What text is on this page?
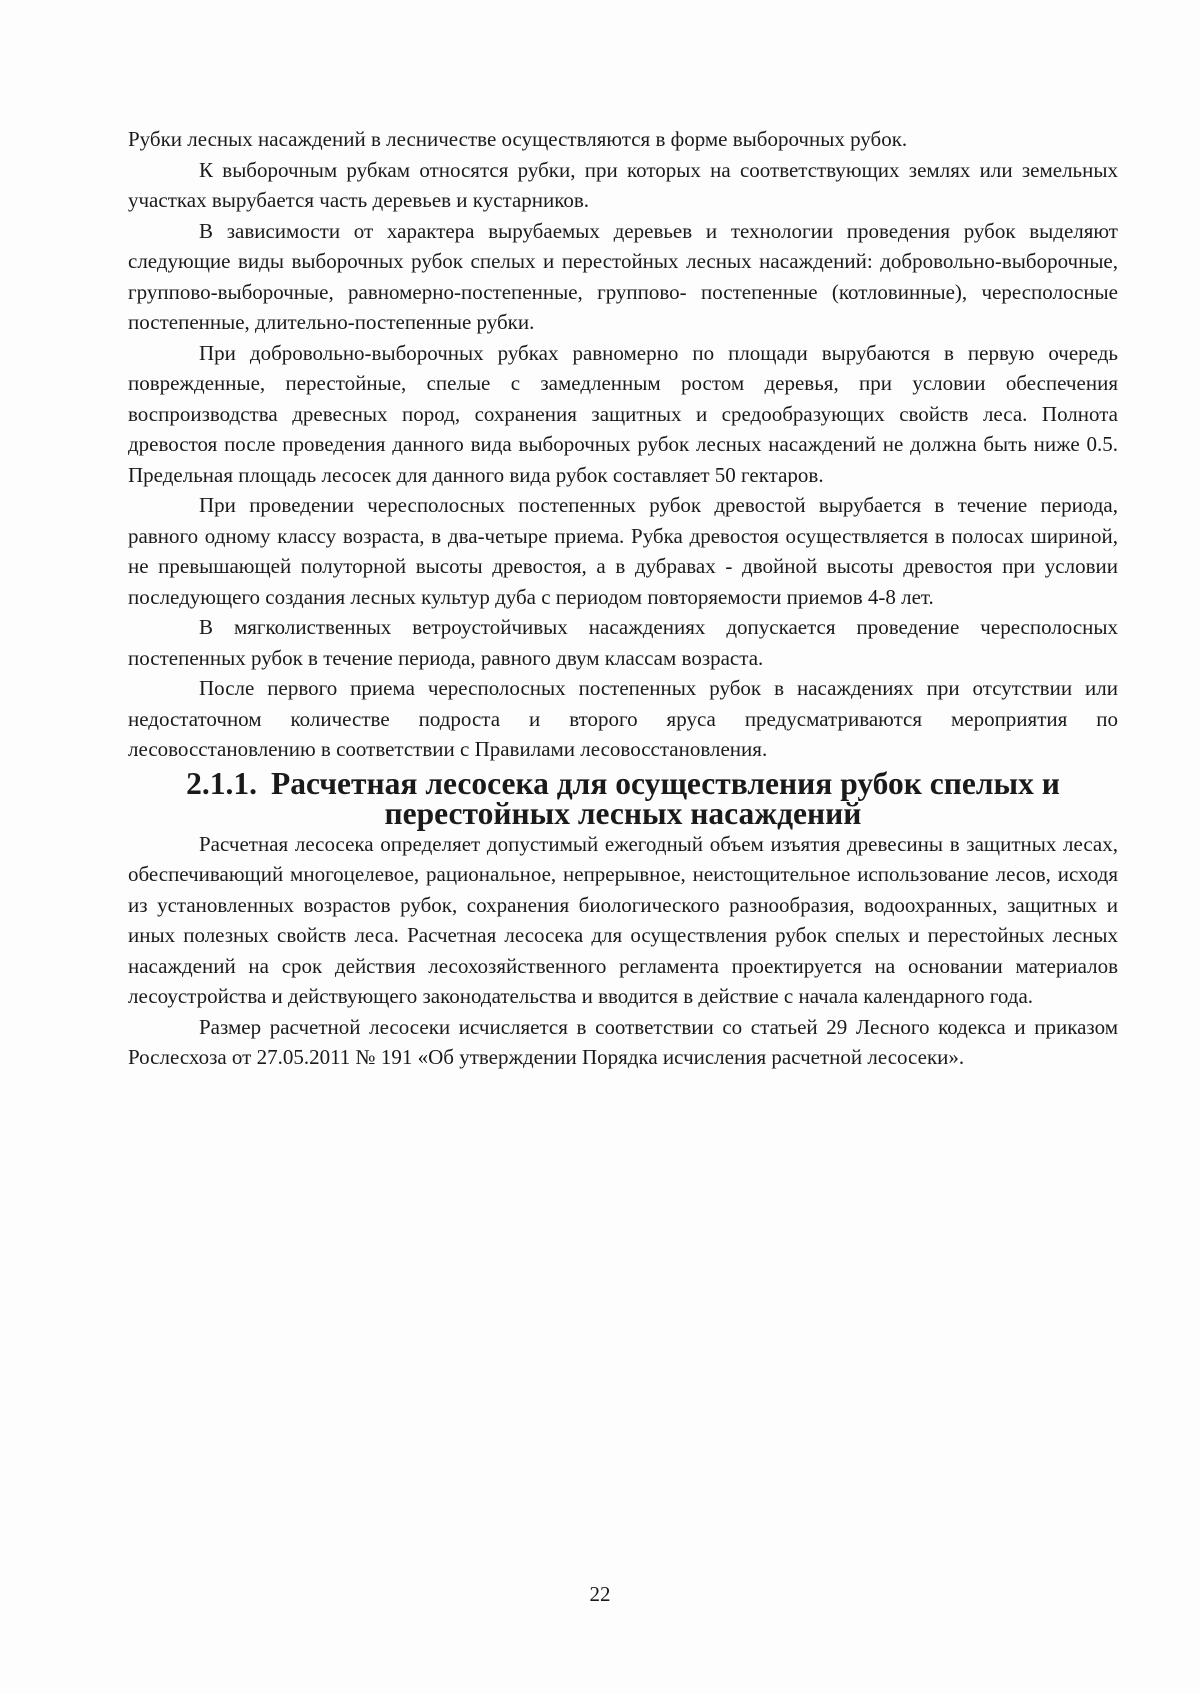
Рубки лесных насаждений в лесничестве осуществляются в форме выборочных рубок.

К выборочным рубкам относятся рубки, при которых на соответствующих землях или земельных участках вырубается часть деревьев и кустарников.

В зависимости от характера вырубаемых деревьев и технологии проведения рубок выделяют следующие виды выборочных рубок спелых и перестойных лесных насаждений: добровольно-выборочные, группово-выборочные, равномерно-постепенные, группово- постепенные (котловинные), чересполосные постепенные, длительно-постепенные рубки.

При добровольно-выборочных рубках равномерно по площади вырубаются в первую очередь поврежденные, перестойные, спелые с замедленным ростом деревья, при условии обеспечения воспроизводства древесных пород, сохранения защитных и средообразующих свойств леса. Полнота древостоя после проведения данного вида выборочных рубок лесных насаждений не должна быть ниже 0.5. Предельная площадь лесосек для данного вида рубок составляет 50 гектаров.

При проведении чересполосных постепенных рубок древостой вырубается в течение периода, равного одному классу возраста, в два-четыре приема. Рубка древостоя осуществляется в полосах шириной, не превышающей полуторной высоты древостоя, а в дубравах - двойной высоты древостоя при условии последующего создания лесных культур дуба с периодом повторяемости приемов 4-8 лет.

В мягколиственных ветроустойчивых насаждениях допускается проведение чересполосных постепенных рубок в течение периода, равного двум классам возраста.

После первого приема чересполосных постепенных рубок в насаждениях при отсутствии или недостаточном количестве подроста и второго яруса предусматриваются мероприятия по лесовосстановлению в соответствии с Правилами лесовосстановления.

2.1.1. Расчетная лесосека для осуществления рубок спелых и перестойных лесных насаждений

Расчетная лесосека определяет допустимый ежегодный объем изъятия древесины в защитных лесах, обеспечивающий многоцелевое, рациональное, непрерывное, неистощительное использование лесов, исходя из установленных возрастов рубок, сохранения биологического разнообразия, водоохранных, защитных и иных полезных свойств леса. Расчетная лесосека для осуществления рубок спелых и перестойных лесных насаждений на срок действия лесохозяйственного регламента проектируется на основании материалов лесоустройства и действующего законодательства и вводится в действие с начала календарного года.

Размер расчетной лесосеки исчисляется в соответствии со статьей 29 Лесного кодекса и приказом Рослесхоза от 27.05.2011 № 191 «Об утверждении Порядка исчисления расчетной лесосеки».

22
